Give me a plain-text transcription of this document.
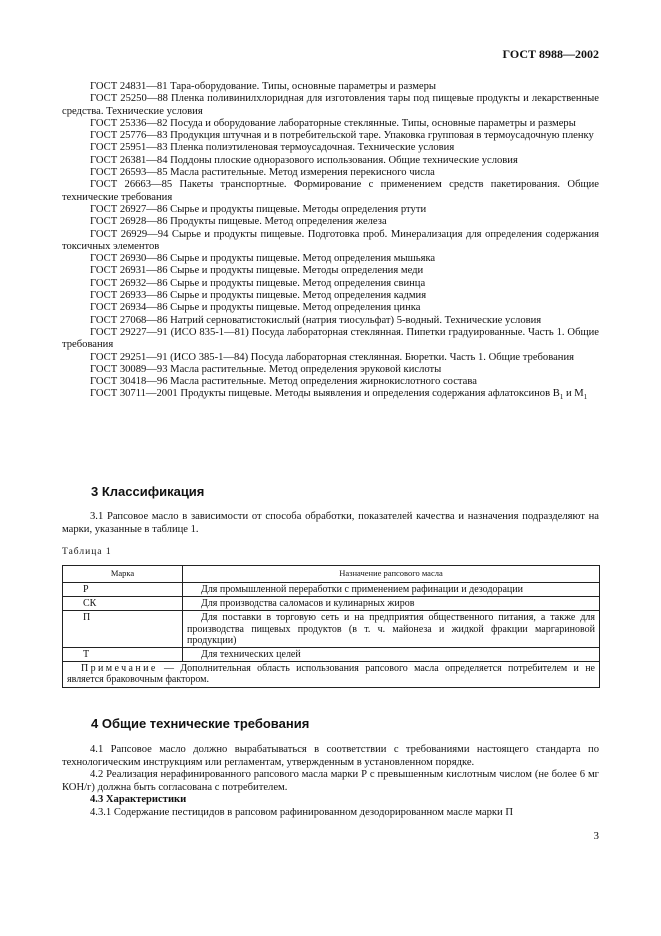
ГОСТ 8988—2002

ГОСТ 24831—81 Тара-оборудование. Типы, основные параметры и размеры

ГОСТ 25250—88 Пленка поливинилхлоридная для изготовления тары под пищевые продукты и лекарственные средства. Технические условия

ГОСТ 25336—82 Посуда и оборудование лабораторные стеклянные. Типы, основные параметры и размеры

ГОСТ 25776—83 Продукция штучная и в потребительской таре. Упаковка групповая в термоусадочную пленку

ГОСТ 25951—83 Пленка полиэтиленовая термоусадочная. Технические условия

ГОСТ 26381—84 Поддоны плоские одноразового использования. Общие технические условия

ГОСТ 26593—85 Масла растительные. Метод измерения перекисного числа

ГОСТ 26663—85 Пакеты транспортные. Формирование с применением средств пакетирования. Общие технические требования

ГОСТ 26927—86 Сырье и продукты пищевые. Методы определения ртути

ГОСТ 26928—86 Продукты пищевые. Метод определения железа

ГОСТ 26929—94 Сырье и продукты пищевые. Подготовка проб. Минерализация для определения содержания токсичных элементов

ГОСТ 26930—86 Сырье и продукты пищевые. Метод определения мышьяка

ГОСТ 26931—86 Сырье и продукты пищевые. Методы определения меди

ГОСТ 26932—86 Сырье и продукты пищевые. Метод определения свинца

ГОСТ 26933—86 Сырье и продукты пищевые. Метод определения кадмия

ГОСТ 26934—86 Сырье и продукты пищевые. Метод определения цинка

ГОСТ 27068—86 Натрий серноватистокислый (натрия тиосульфат) 5-водный. Технические условия

ГОСТ 29227—91 (ИСО 835-1—81) Посуда лабораторная стеклянная. Пипетки градуированные. Часть 1. Общие требования

ГОСТ 29251—91 (ИСО 385-1—84) Посуда лабораторная стеклянная. Бюретки. Часть 1. Общие требования

ГОСТ 30089—93 Масла растительные. Метод определения эруковой кислоты

ГОСТ 30418—96 Масла растительные. Метод определения жирнокислотного состава

ГОСТ 30711—2001 Продукты пищевые. Методы выявления и определения содержания афлатоксинов $B_1$ и $M_1$

3 Классификация

3.1 Рапсовое масло в зависимости от способа обработки, показателей качества и назначения подразделяют на марки, указанные в таблице 1.

Таблица 1
Марка	Назначение рапсового масла
Р	Для промышленной переработки с применением рафинации и дезодорации
СК	Для производства саломасов и кулинарных жиров
П	Для поставки в торговую сеть и на предприятия общественного питания, а также для производства пищевых продуктов (в т. ч. майонеза и жидкой фракции маргариновой продукции)
Т	Для технических целей
Примечание — Дополнительная область использования рапсового масла определяется потребителем и не является браковочным фактором.	
4 Общие технические требования

4.1 Рапсовое масло должно вырабатываться в соответствии с требованиями настоящего стандарта по технологическим инструкциям или регламентам, утвержденным в установленном порядке.

4.2 Реализация нерафинированного рапсового масла марки Р с превышенным кислотным числом (не более 6 мг КОН/г) должна быть согласована с потребителем.

4.3 Характеристики

4.3.1 Содержание пестицидов в рапсовом рафинированном дезодорированном масле марки П

3
